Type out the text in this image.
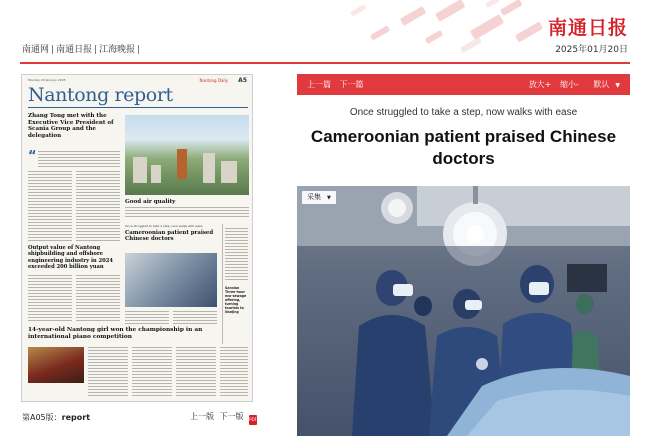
南通日报
南通网 | 南通日报 | 江海晚报 |	2025年01月20日
Monday 20 January 2025	Nantong Daily A5
Nantong report
Zhang Tong met with the Executive Vice President of Scania Group and the delegation
“
Good air quality
Output value of Nantong shipbuilding and offshore engineering industry in 2024 exceeded 200 billion yuan
Once struggled to take a step, now walks with ease
Cameroonian patient praised Chinese doctors
Sanxian Three-hour eco-sewage offering, turning tourists to Nanjing
14-year-old Nantong girl won the championship in an international piano competition
第A05版：report	上一版 下一版 PDF
上一篇 下一篇	放大+ 缩小- 默认 ▼
Once struggled to take a step, now walks with ease
Cameroonian patient praised Chinese doctors
采集 ▼
